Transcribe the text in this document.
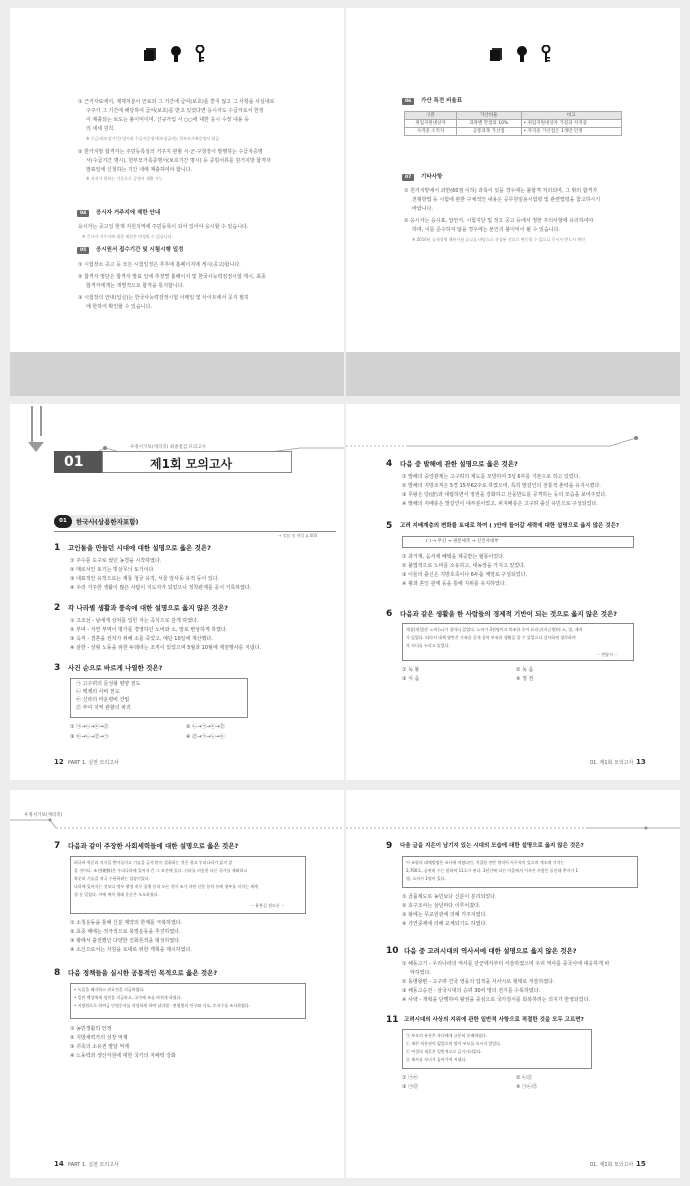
① 근거자료에서, 제재처분이 만료되 그 기간에 급여(보호)를 받지 않고 그 사항을 사실대로
구주가 그 기간에 해당하여 급여(보호)를 받고 있었다면 응시자도 수급자로서 한정
이 제출되는 보도는 불이익이며, 신규가입 시 ○○에 대한 응시 수정 내용 등
의 세세 원칙.
② 한가지방 합격자는 주민등록상의 거주지 관할 시·군·구청장이 발행하는 수급자증명
서(수급기간 명시), 한부모가족증명서(보호기간 명시) 등 증빙서류를 원거지방 합격자
발표일에 신청하는 기간 내에 제출하여야 합니다.
※ 수급자(보장기간) 명시된 수급자증명서(보장급여), 한부모가족증명서 발급
※ 지지가 원하는 기준으로 증명서 제출 가능
04	응시자 거주지에 제한 안내
응시자는 공고일 현재 지원지역에 주민등록이 되어 있어야 응시할 수 있습니다.
※ 응시자 거주지에 대한 제한은 변경될 수 있습니다.
05	응시원서 접수기간 및 시험시행 일정
① 시험장소 공고 등 모든 시험일정은 추후에 홈페이지에 게시(공고)합니다.
② 합격자 명단은 합격자 발표 일에 추정별 홈페이지 및 한국사능력검정시험 게시, 최종
합격자에게는 개별적으로 합격을 통지합니다.
③ 시험장의 안내(입실)는 한국사능력검정시험 이메일 및 사이트에서 공지 필히
에 한하여 확인할 수 있습니다.
06	가산 특전 비율표
구분	가산비율	비고
취업지원대상자	과목별 만점의 10%	• 취업지원대상자 가점과 자격증
사격증 소지자	공통과목 가산점	• 자격증 가산점은 1개만 인정
07	기타사항
① 원거지방에서 과반(60점 이하) 과목이 있을 경우에는 불합격 처리되며, 그 밖의 합격자
전형방법 등 시험에 관한 구체적인 내용은 공무원임용시험령 및 관련법령을 참고하시기
바랍니다.
② 응시자는 응시표, 답안지, 시험지단 및 정오 공고 등에서 정한 주의사항에 유의하여야
하며, 이를 준수하지 않을 경우에는 본인의 불이익이 될 수 있습니다.
※ 2016년 공개경쟁 채용시험 공고를 바탕으로 작성된 것으로 변동될 수 있으니 응시자 반드시 확인
01
우정서기보(계리직) 최종점검 모의고사
제1회 모의고사
01	한국사(상용한자포함)
→ 정답 및 해설 p.000
1 고인돌을 만들던 시대에 대한 설명으로 옳은 것은?
① 주수를 도구로 썼던 농경을 시작하였다.
② 매로서인 토기는 빗살무늬 토기이다.
③ 대표적인 유적으로는 계룡 청궁 유적, 서울 암사동 유적 등이 있다.
④ 우리 거주한 생활이 많은 사람이 지도자가 되었으나 정착관계를 공식 기록하였다.
2 각 나라별 생활과 풍속에 대한 설명으로 옳지 않은 것은?
① 고조선 - 남에게 상처를 입힌 자는 곡식으로 갚게 하였다.
② 부여 - 자연 부역이 명가를 경영하던 노비와 소, 말로 변상하게 하였다.
③ 옥저 - 결혼을 전처가 위해 소를 죽었고, 예단 10일에 재산했다.
④ 삼한 - 상형 노동을 위한 두레라는 조직이 있었으며 5월과 10월에 제천행사를 지냈다.
3 사건 순으로 바르게 나열한 것은?
㉠ 고구려의 문성왕 평양 천도
㉡ 백제의 사비 천도
㉢ 신라의 마운령비 건립
㉣ 부여 지역 관할의 파괴
① ㉠→㉡→㉢→㉣	② ㉡→㉠→㉢→㉣
③ ㉢→㉡→㉣→㉠	④ ㉣→㉠→㉡→㉢
12 PART 1. 실전 모의고사
4 다음 중 발해에 관한 설명으로 옳은 것은?
① 발해의 중앙관제는 고구려의 제도를 모방하여 3성 6부를 기본으로 하고 있었다.
② 발해의 지방조직은 5경 15부62주로 하였으며, 특히 말갈인의 전통적 촌락을 유지시켰다.
③ 무왕은 당(唐)과 대립하면서 정권을 강화하고 산둥반도를 공격하는 등의 모습을 보여주었다.
④ 발해의 지배층은 말갈인이 대부분이었고, 피지배층은 고구려 출신 유민으로 구성되었다.
5 고려 지배계층의 변화를 토대로 하여 ( )안에 들어갈 세력에 대한 설명으로 옳지 않은 것은?
( ) → 무신 → 권문세족 → 신진사대부
① 과거제, 음서제 혜택을 제공받는 혈통이었다.
② 불법적으로 노비를 소유하고, 대농장을 가지고 있었다.
③ 이들의 출신은 지방호족이나 6두품 계열로 구성되었다.
④ 왕과 혼인 관계 등을 통해 지위를 유지하였다.
6 다음과 같은 생활을 한 사람들의 경제적 기반이 되는 것으로 옳지 않은 것은?
계성(개성)은 노비(노)가 집마다 있었다. 노비가 3천명이고 마조한 주어 표리군(사군방)의 소, 말, 재지
가 있었다. 따라서 대체 양반은 가족을 갖게 살며 부유한 생활을 할 수 있었으나 감사하게 생각하며
자 자녀를 누리고 있었다.
－ 연암시 －
① 녹 봉	② 녹 읍
③ 식 읍	④ 정 전
01. 제1회 모의고사 13
우정서기보(계리직)
7 다음과 같이 주장한 사회세력들에 대한 설명으로 옳은 것은?
외국의 학문과 지식을 받아들이고 기술을 급격 많이 섭취하는 것은 결코 우리나라가 잃지 않
을 것이다. 조선(朝鮮)은 우리나라에 있어서 큰 그 보전에 있다. 신라를 비롯한 다른 국가를 제외하고
학문과 기술을 적극 수용하려는 입장이었다.
나라에 있어서는 것보다 정부 행정 직무 집행 등의 모든 것이 조기 자연 신분 분의 등에 정부를 지지는 세계
정 등 있었다. 이에 세력 형태 운동은 도모하였다.
－ 윤봉길 점도론 －
① 소청운동을 통해 신분 제약의 한계를 극복하였다.
② 효종 때에는 적극적으로 북벌운동을 추진하였다.
③ 왕에서 출전했던 다양한 진화론적을 형성하였다.
④ 소신으로서는 자원을 토대로 위한 개혁을 제시하였다.
8 다음 정책들을 실시한 공통적인 목적으로 옳은 것은?
• 녹읍을 폐지하고 관료전을 지급하였다.
• 일반 백성에게 정전을 지급하고, 국가에 조를 바치게 하였다.
• 지방관으로 하여금 민정문서를 작성하게 하여 남녀별 · 연령별의 인구와 가호, 토지수를 조사하였다.
① 농민생활의 안정
② 지방세력가의 성장 억제
③ 귀족의 소유권 발달 억제
④ 노동력과 생산자원에 대한 국가의 지배력 강화
14 PART 1. 실전 모의고사
9 다음 글을 지은이 남기지 있는 시대의 모습에 대한 설명으로 옳지 않은 것은?
이 조항의 대체방법은 조사에 적혔다던, 저절한 전란 형적이 사무적이 있으며 개소에 기지는
3,700호, 공연히 수는 합하여 11호가 된다. 3년간에 다른 마을에서 이사온 사람은 둘인데 추자가 1
명, 소자가 1명이 있다.
① 골품제도로 농민보다 신분이 분리되었다.
② 호구조사는 삼년마다 이루어졌다.
③ 왕에는 무교원관에 의해 거주지였다.
④ 가연중제에 의해 교체되기도 하였다.
10 다음 중 고려시대의 역사서에 대한 설명으로 옳지 않은 것은?
① 해동고기 - 우리나라의 역사를 단군에서부터 서술하였으며 우리 역사를 중국사에 대응하게 파
악하였다.
② 동명왕편 - 고구려 건국 영웅의 업적을 서사시로 형태로 저술하였다.
③ 해동고승전 - 삼국시대의 승려 30여 명의 전기를 수록하였다.
④ 사략 - 개혁을 단행하여 왕권을 중심으로 국가질서를 회복하려는 의지가 반영되었다.
11 고려시대의 사상의 지위에 관한 일반적 사항으로 적절한 것을 모두 고르면?
㉠ 부모의 유산은 자녀에게 균분히 분배하였다.
㉡ 재산 처분권이 없었으며 딸이 부모를 모시지 않았다.
㉢ 여성의 재혼은 일반적으로 금기시되었다.
㉣ 제사를 자녀가 돌아가며 지냈다.
① ㉠㉢	② ㉡㉣
③ ㉠㉣	④ ㉠㉡㉣
01. 제1회 모의고사 15
